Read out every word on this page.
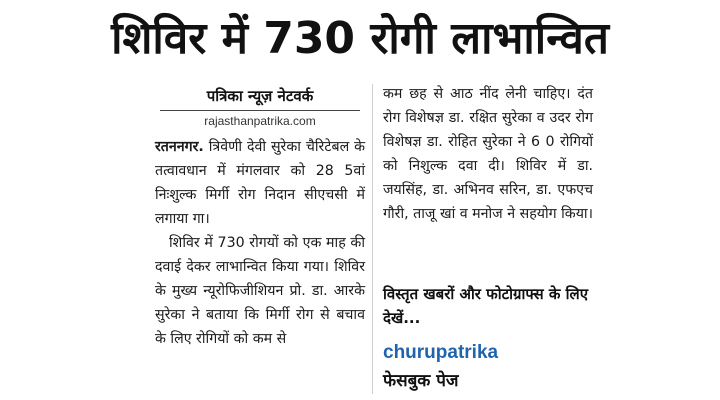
शिविर में 730 रोगी लाभान्वित
पत्रिका न्यूज़ नेटवर्क
rajasthanpatrika.com

रतननगर. त्रिवेणी देवी सुरेका चैरिटेबल के तत्वावधान में मंगलवार को 28 5वां निःशुल्क मिर्गी रोग निदान सीएचसी में लगाया गा।

शिविर में 730 रोगयों को एक माह की दवाई देकर लाभान्वित किया गया। शिविर के मुख्य न्यूरोफिजीशियन प्रो. डा. आरके सुरेका ने बताया कि मिर्गी रोग से बचाव के लिए रोगियों को कम से

कम छह से आठ नींद लेनी चाहिए। दंत रोग विशेषज्ञ डा. रक्षित सुरेका व उदर रोग विशेषज्ञ डा. रोहित सुरेका ने 6 0 रोगियों को निशुल्क दवा दी। शिविर में डा. जयसिंह, डा. अभिनव सरिन, डा. एफएच गौरी, ताजू खां व मनोज ने सहयोग किया।

विस्तृत खबरों और फोटोग्राफ्स के लिए देखें...
churupatrika
फेसबुक पेज
